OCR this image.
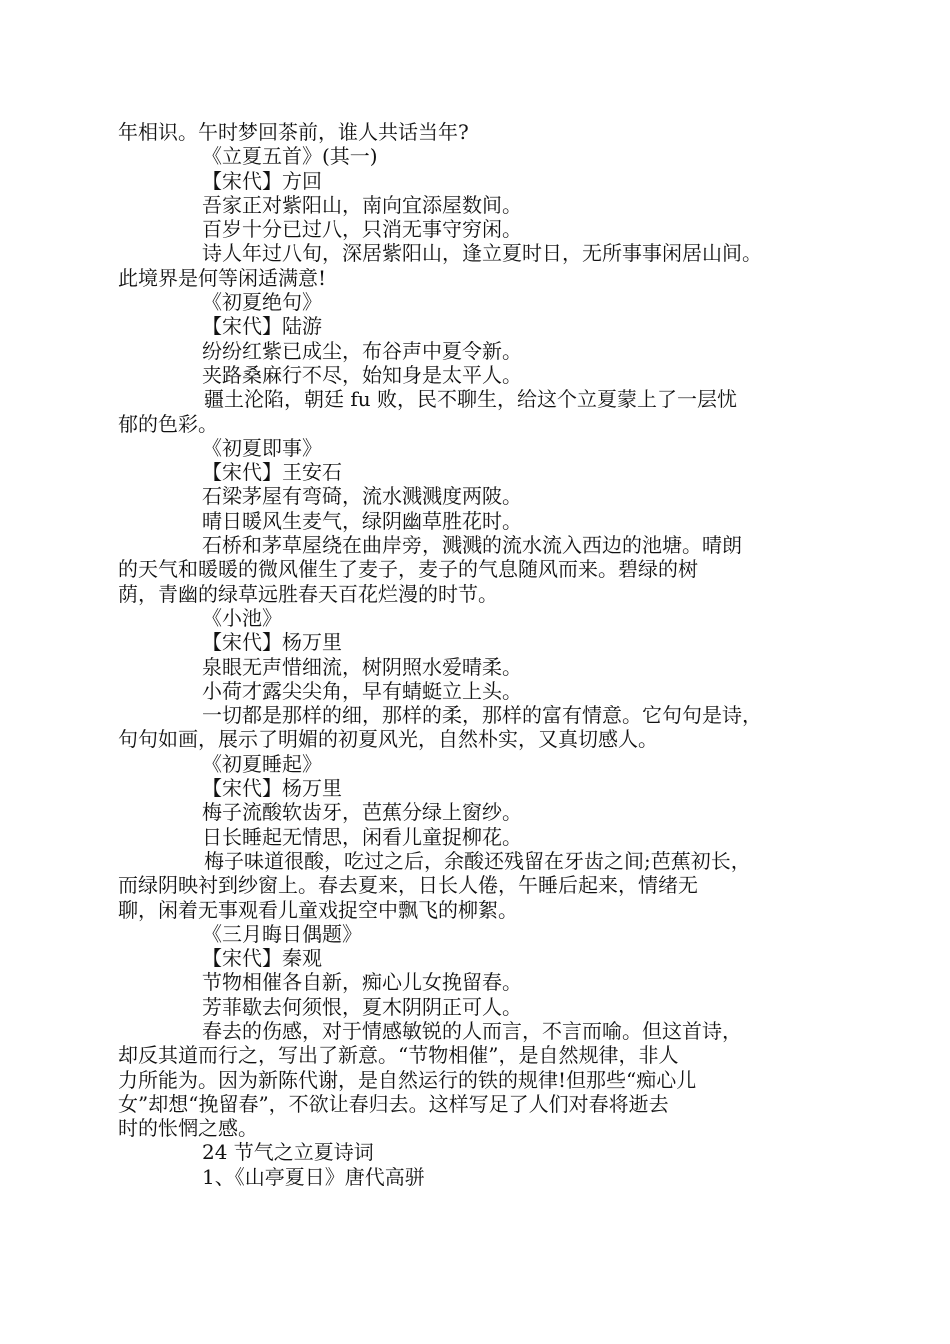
年相识。午时梦回茶前，谁人共话当年?
《立夏五首》(其一)
【宋代】方回
吾家正对紫阳山，南向宜添屋数间。
百岁十分已过八，只消无事守穷闲。
诗人年过八旬，深居紫阳山，逢立夏时日，无所事事闲居山间。
此境界是何等闲适满意!
《初夏绝句》
【宋代】陆游
纷纷红紫已成尘，布谷声中夏令新。
夹路桑麻行不尽，始知身是太平人。
疆土沦陷，朝廷 fu 败，民不聊生，给这个立夏蒙上了一层忧
郁的色彩。
《初夏即事》
【宋代】王安石
石梁茅屋有弯碕，流水溅溅度两陂。
晴日暖风生麦气，绿阴幽草胜花时。
石桥和茅草屋绕在曲岸旁，溅溅的流水流入西边的池塘。晴朗
的天气和暖暖的微风催生了麦子，麦子的气息随风而来。碧绿的树
荫，青幽的绿草远胜春天百花烂漫的时节。
《小池》
【宋代】杨万里
泉眼无声惜细流，树阴照水爱晴柔。
小荷才露尖尖角，早有蜻蜓立上头。
一切都是那样的细，那样的柔，那样的富有情意。它句句是诗，
句句如画，展示了明媚的初夏风光，自然朴实，又真切感人。
《初夏睡起》
【宋代】杨万里
梅子流酸软齿牙，芭蕉分绿上窗纱。
日长睡起无情思，闲看儿童捉柳花。
梅子味道很酸，吃过之后，余酸还残留在牙齿之间;芭蕉初长，
而绿阴映衬到纱窗上。春去夏来，日长人倦，午睡后起来，情绪无
聊，闲着无事观看儿童戏捉空中飘飞的柳絮。
《三月晦日偶题》
【宋代】秦观
节物相催各自新，痴心儿女挽留春。
芳菲歇去何须恨，夏木阴阴正可人。
春去的伤感，对于情感敏锐的人而言，不言而喻。但这首诗，
却反其道而行之，写出了新意。“节物相催”，是自然规律，非人
力所能为。因为新陈代谢，是自然运行的铁的规律!但那些“痴心儿
女”却想“挽留春”，不欲让春归去。这样写足了人们对春将逝去
时的怅惘之感。
24 节气之立夏诗词
1、《山亭夏日》唐代高骈
